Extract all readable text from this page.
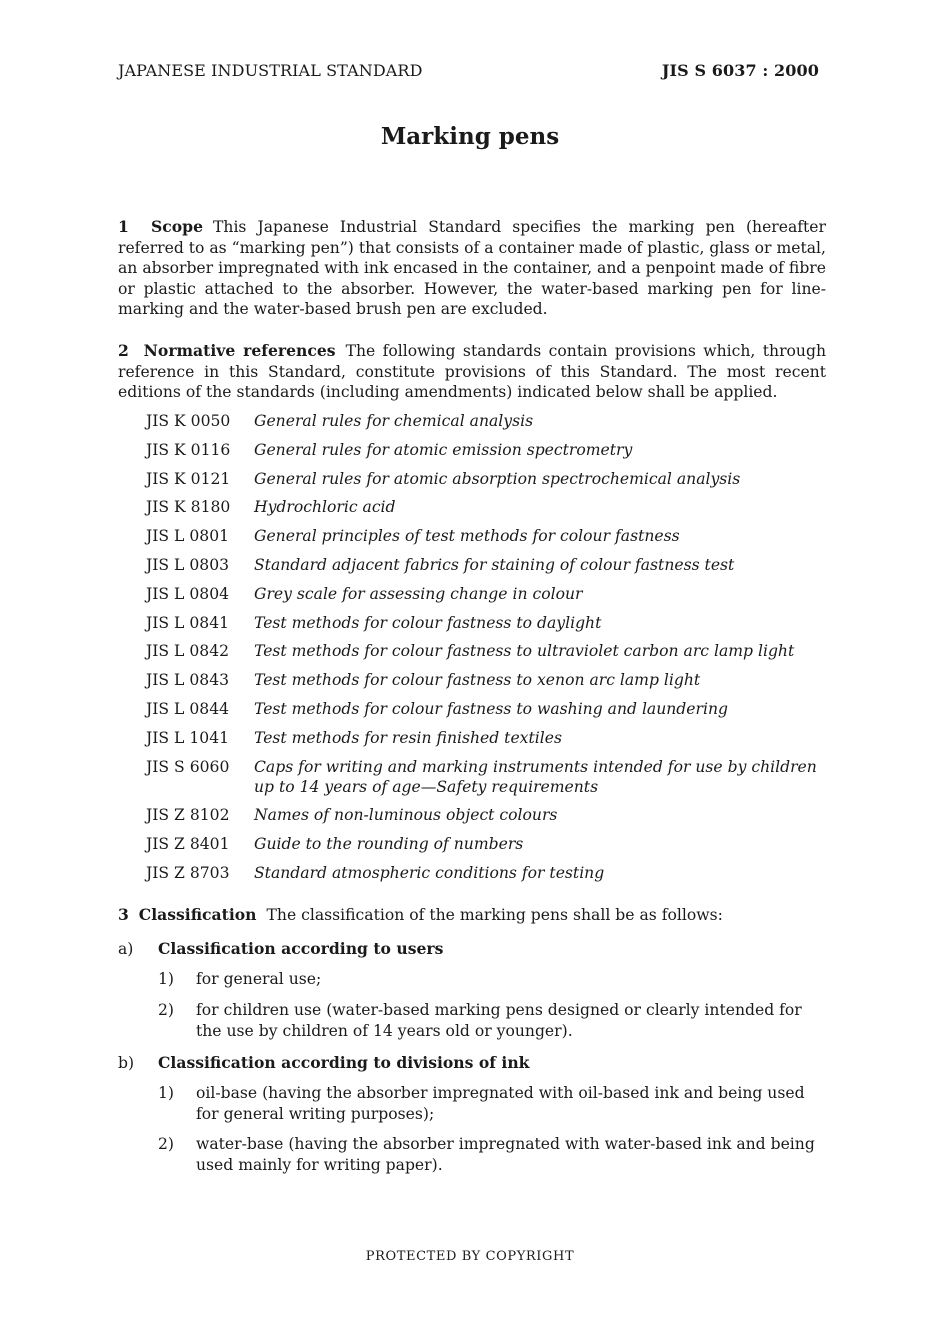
JAPANESE INDUSTRIAL STANDARD	JIS S 6037 : 2000
Marking pens
1 Scope This Japanese Industrial Standard specifies the marking pen (hereafter referred to as “marking pen”) that consists of a container made of plastic, glass or metal, an absorber impregnated with ink encased in the container, and a penpoint made of fibre or plastic attached to the absorber. However, the water-based marking pen for line-marking and the water-based brush pen are excluded.
2 Normative references The following standards contain provisions which, through reference in this Standard, constitute provisions of this Standard. The most recent editions of the standards (including amendments) indicated below shall be applied.
JIS K 0050	General rules for chemical analysis
JIS K 0116	General rules for atomic emission spectrometry
JIS K 0121	General rules for atomic absorption spectrochemical analysis
JIS K 8180	Hydrochloric acid
JIS L 0801	General principles of test methods for colour fastness
JIS L 0803	Standard adjacent fabrics for staining of colour fastness test
JIS L 0804	Grey scale for assessing change in colour
JIS L 0841	Test methods for colour fastness to daylight
JIS L 0842	Test methods for colour fastness to ultraviolet carbon arc lamp light
JIS L 0843	Test methods for colour fastness to xenon arc lamp light
JIS L 0844	Test methods for colour fastness to washing and laundering
JIS L 1041	Test methods for resin finished textiles
JIS S 6060	Caps for writing and marking instruments intended for use by children up to 14 years of age—Safety requirements
JIS Z 8102	Names of non-luminous object colours
JIS Z 8401	Guide to the rounding of numbers
JIS Z 8703	Standard atmospheric conditions for testing
3 Classification The classification of the marking pens shall be as follows:
a) Classification according to users
1)	for general use;
2)	for children use (water-based marking pens designed or clearly intended for the use by children of 14 years old or younger).
b) Classification according to divisions of ink
1)	oil-base (having the absorber impregnated with oil-based ink and being used for general writing purposes);
2)	water-base (having the absorber impregnated with water-based ink and being used mainly for writing paper).
PROTECTED BY COPYRIGHT
